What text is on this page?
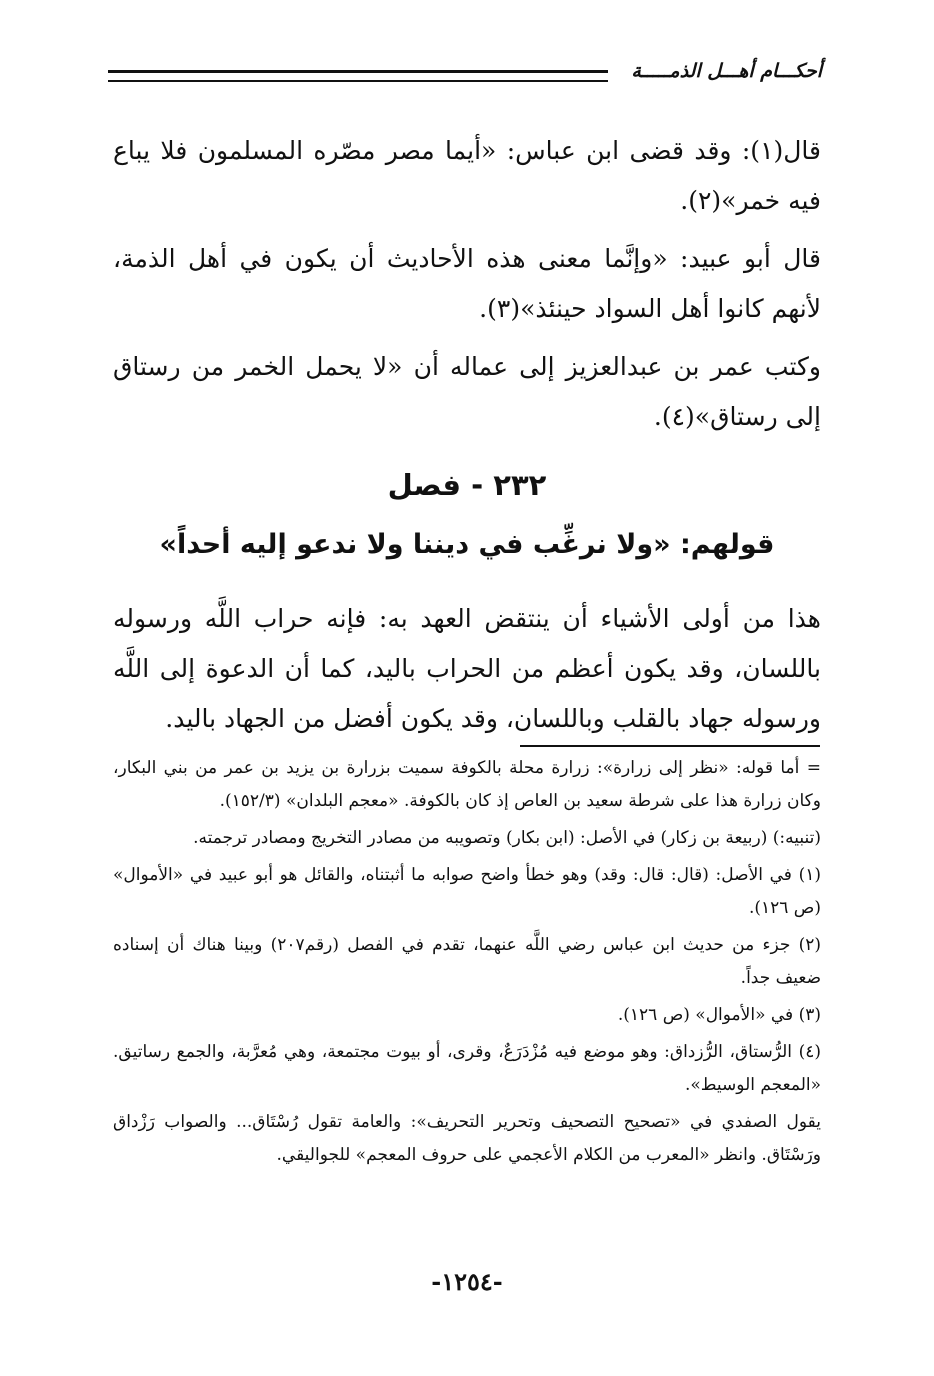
أحكـــام أهـــل الذمـــــة
قال(١): وقد قضى ابن عباس: «أيما مصر مصّره المسلمون فلا يباع فيه خمر»(٢).
قال أبو عبيد: «وإنَّما معنى هذه الأحاديث أن يكون في أهل الذمة، لأنهم كانوا أهل السواد حينئذ»(٣).
وكتب عمر بن عبدالعزيز إلى عماله أن «لا يحمل الخمر من رستاق إلى رستاق»(٤).
٢٣٢ - فصل
قولهم: «ولا نرغِّب في ديننا ولا ندعو إليه أحداً»
هذا من أولى الأشياء أن ينتقض العهد به: فإنه حراب اللَّه ورسوله باللسان، وقد يكون أعظم من الحراب باليد، كما أن الدعوة إلى اللَّه ورسوله جهاد بالقلب وباللسان، وقد يكون أفضل من الجهاد باليد.

= أما قوله: «نظر إلى زرارة»: زرارة محلة بالكوفة سميت بزرارة بن يزيد بن عمر من بني البكار، وكان زرارة هذا على شرطة سعيد بن العاص إذ كان بالكوفة. «معجم البلدان» (١٥٢/٣).

(تنبيه:) (ربيعة بن زكار) في الأصل: (ابن بكار) وتصويبه من مصادر التخريج ومصادر ترجمته.

(١) في الأصل: (قال: قال: وقد) وهو خطأ واضح صوابه ما أثبتناه، والقائل هو أبو عبيد في «الأموال» (ص ١٢٦).

(٢) جزء من حديث ابن عباس رضي اللَّه عنهما، تقدم في الفصل (رقم٢٠٧) وبينا هناك أن إسناده ضعيف جداً.

(٣) في «الأموال» (ص ١٢٦).

(٤) الرُّستاق، الرُّزداق: وهو موضع فيه مُزْدَرَعٌ، وقرى، أو بيوت مجتمعة، وهي مُعرَّبة، والجمع رساتيق. «المعجم الوسيط».

يقول الصفدي في «تصحيح التصحيف وتحرير التحريف»: والعامة تقول رُسْتَاق... والصواب رَزْداق ورَسْتَاق. وانظر «المعرب من الكلام الأعجمي على حروف المعجم» للجواليقي.

-١٢٥٤-
